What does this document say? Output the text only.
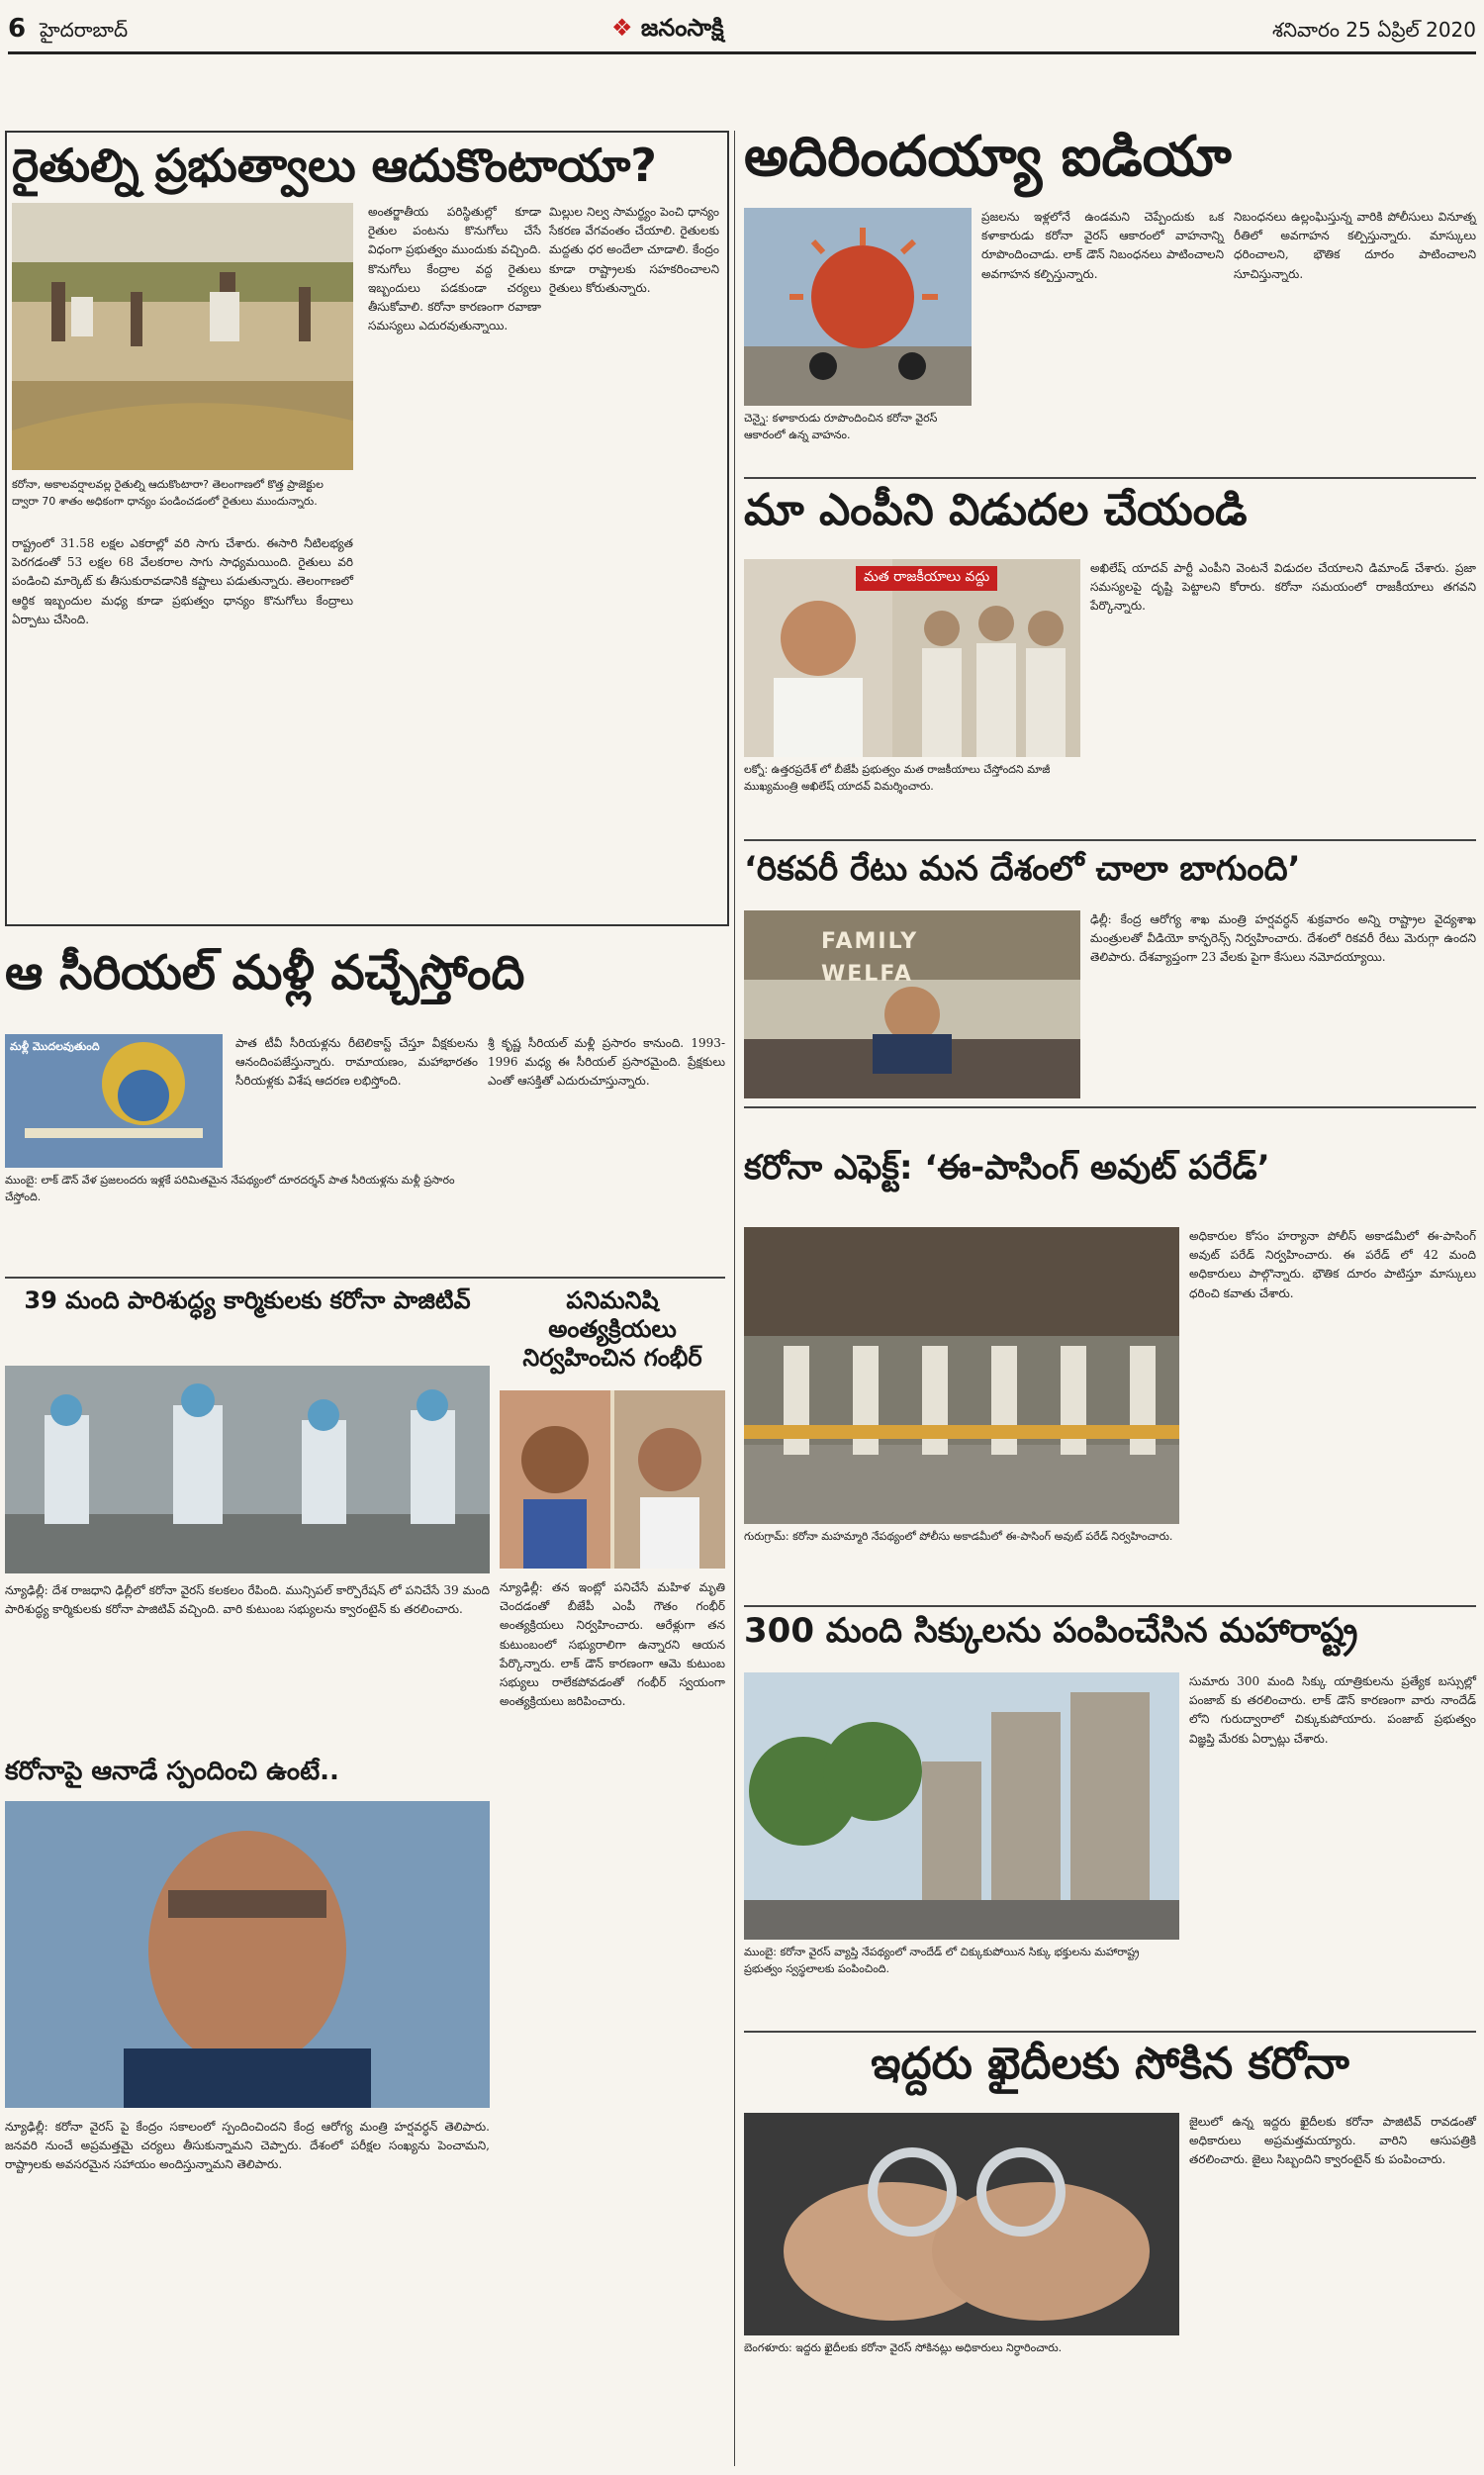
6 హైదరాబాద్	❖ జనంసాక్షి	శనివారం 25 ఏప్రిల్ 2020
రైతుల్ని ప్రభుత్వాలు ఆదుకొంటాయా?

కరోనా, అకాలవర్షాలవల్ల రైతుల్ని ఆదుకొంటారా? తెలంగాణలో కొత్త ప్రాజెక్టుల ద్వారా 70 శాతం అధికంగా ధాన్యం పండించడంలో రైతులు ముందున్నారు.

రాష్ట్రంలో 31.58 లక్షల ఎకరాల్లో వరి సాగు చేశారు. ఈసారి నీటిలభ్యత పెరగడంతో 53 లక్షల 68 వేలకరాల సాగు సాధ్యమయింది. రైతులు వరి పండించి మార్కెట్ కు తీసుకురావడానికి కష్టాలు పడుతున్నారు. తెలంగాణలో ఆర్థిక ఇబ్బందుల మధ్య కూడా ప్రభుత్వం ధాన్యం కొనుగోలు కేంద్రాలు ఏర్పాటు చేసింది.

అంతర్జాతీయ పరిస్థితుల్లో కూడా రైతుల పంటను కొనుగోలు చేసే విధంగా ప్రభుత్వం ముందుకు వచ్చింది. కొనుగోలు కేంద్రాల వద్ద రైతులు ఇబ్బందులు పడకుండా చర్యలు తీసుకోవాలి. కరోనా కారణంగా రవాణా సమస్యలు ఎదురవుతున్నాయి.

మిల్లుల నిల్వ సామర్థ్యం పెంచి ధాన్యం సేకరణ వేగవంతం చేయాలి. రైతులకు మద్దతు ధర అందేలా చూడాలి. కేంద్రం కూడా రాష్ట్రాలకు సహకరించాలని రైతులు కోరుతున్నారు.

ఆ సీరియల్ మళ్లీ వచ్చేస్తోంది
మళ్లీ మొదలవుతుంది	పాత టీవీ సీరియళ్లను రీటెలికాస్ట్ చేస్తూ వీక్షకులను ఆనందింపజేస్తున్నారు. రామాయణం, మహాభారతం సీరియళ్లకు విశేష ఆదరణ లభిస్తోంది.

శ్రీ కృష్ణ సీరియల్ మళ్లీ ప్రసారం కానుంది. 1993-1996 మధ్య ఈ సీరియల్ ప్రసారమైంది. ప్రేక్షకులు ఎంతో ఆసక్తితో ఎదురుచూస్తున్నారు.

ముంబై: లాక్ డౌన్ వేళ ప్రజలందరు ఇళ్లకే పరిమితమైన నేపథ్యంలో దూరదర్శన్ పాత సీరియళ్లను మళ్లీ ప్రసారం చేస్తోంది.

39 మంది పారిశుద్ధ్య కార్మికులకు కరోనా పాజిటివ్

న్యూఢిల్లీ: దేశ రాజధాని ఢిల్లీలో కరోనా వైరస్ కలకలం రేపింది. మున్సిపల్ కార్పొరేషన్ లో పనిచేసే 39 మంది పారిశుద్ధ్య కార్మికులకు కరోనా పాజిటివ్ వచ్చింది. వారి కుటుంబ సభ్యులను క్వారంటైన్ కు తరలించారు.

పనిమనిషి అంత్యక్రియలు నిర్వహించిన గంభీర్

న్యూఢిల్లీ: తన ఇంట్లో పనిచేసే మహిళ మృతి చెందడంతో బీజేపీ ఎంపీ గౌతం గంభీర్ అంత్యక్రియలు నిర్వహించారు. ఆరేళ్లుగా తన కుటుంబంలో సభ్యురాలిగా ఉన్నారని ఆయన పేర్కొన్నారు. లాక్ డౌన్ కారణంగా ఆమె కుటుంబ సభ్యులు రాలేకపోవడంతో గంభీర్ స్వయంగా అంత్యక్రియలు జరిపించారు.

కరోనాపై ఆనాడే స్పందించి ఉంటే..

న్యూఢిల్లీ: కరోనా వైరస్ పై కేంద్రం సకాలంలో స్పందించిందని కేంద్ర ఆరోగ్య మంత్రి హర్షవర్ధన్ తెలిపారు. జనవరి నుంచే అప్రమత్తమై చర్యలు తీసుకున్నామని చెప్పారు. దేశంలో పరీక్షల సంఖ్యను పెంచామని, రాష్ట్రాలకు అవసరమైన సహాయం అందిస్తున్నామని తెలిపారు.

అదిరిందయ్యా ఐడియా

చెన్నై: కళాకారుడు రూపొందించిన కరోనా వైరస్ ఆకారంలో ఉన్న వాహనం.

ప్రజలను ఇళ్లలోనే ఉండమని చెప్పేందుకు ఒక కళాకారుడు కరోనా వైరస్ ఆకారంలో వాహనాన్ని రూపొందించాడు. లాక్ డౌన్ నిబంధనలు పాటించాలని అవగాహన కల్పిస్తున్నారు.

నిబంధనలు ఉల్లంఘిస్తున్న వారికి పోలీసులు వినూత్న రీతిలో అవగాహన కల్పిస్తున్నారు. మాస్కులు ధరించాలని, భౌతిక దూరం పాటించాలని సూచిస్తున్నారు.

మా ఎంపీని విడుదల చేయండి
మత రాజకీయాలు వద్దు

లక్నో: ఉత్తరప్రదేశ్ లో బీజేపీ ప్రభుత్వం మత రాజకీయాలు చేస్తోందని మాజీ ముఖ్యమంత్రి అఖిలేష్ యాదవ్ విమర్శించారు.

అఖిలేష్ యాదవ్ పార్టీ ఎంపీని వెంటనే విడుదల చేయాలని డిమాండ్ చేశారు. ప్రజా సమస్యలపై దృష్టి పెట్టాలని కోరారు. కరోనా సమయంలో రాజకీయాలు తగవని పేర్కొన్నారు.

‘రికవరీ రేటు మన దేశంలో చాలా బాగుంది’
FAMILY WELFA

ఢిల్లీ: కేంద్ర ఆరోగ్య శాఖ మంత్రి హర్షవర్ధన్ శుక్రవారం అన్ని రాష్ట్రాల వైద్యశాఖ మంత్రులతో వీడియో కాన్ఫరెన్స్ నిర్వహించారు. దేశంలో రికవరీ రేటు మెరుగ్గా ఉందని తెలిపారు. దేశవ్యాప్తంగా 23 వేలకు పైగా కేసులు నమోదయ్యాయి.

కరోనా ఎఫెక్ట్: ‘ఈ-పాసింగ్ అవుట్ పరేడ్’

గురుగ్రామ్: కరోనా మహమ్మారి నేపథ్యంలో పోలీసు అకాడమీలో ఈ-పాసింగ్ అవుట్ పరేడ్ నిర్వహించారు.

అధికారుల కోసం హర్యానా పోలీస్ అకాడమీలో ఈ-పాసింగ్ అవుట్ పరేడ్ నిర్వహించారు. ఈ పరేడ్ లో 42 మంది అధికారులు పాల్గొన్నారు. భౌతిక దూరం పాటిస్తూ మాస్కులు ధరించి కవాతు చేశారు.

300 మంది సిక్కులను పంపించేసిన మహారాష్ట్ర

ముంబై: కరోనా వైరస్ వ్యాప్తి నేపథ్యంలో నాందేడ్ లో చిక్కుకుపోయిన సిక్కు భక్తులను మహారాష్ట్ర ప్రభుత్వం స్వస్థలాలకు పంపించింది.

సుమారు 300 మంది సిక్కు యాత్రికులను ప్రత్యేక బస్సుల్లో పంజాబ్ కు తరలించారు. లాక్ డౌన్ కారణంగా వారు నాందేడ్ లోని గురుద్వారాలో చిక్కుకుపోయారు. పంజాబ్ ప్రభుత్వం విజ్ఞప్తి మేరకు ఏర్పాట్లు చేశారు.

ఇద్దరు ఖైదీలకు సోకిన కరోనా

బెంగళూరు: ఇద్దరు ఖైదీలకు కరోనా వైరస్ సోకినట్లు అధికారులు నిర్ధారించారు.

జైలులో ఉన్న ఇద్దరు ఖైదీలకు కరోనా పాజిటివ్ రావడంతో అధికారులు అప్రమత్తమయ్యారు. వారిని ఆసుపత్రికి తరలించారు. జైలు సిబ్బందిని క్వారంటైన్ కు పంపించారు.
